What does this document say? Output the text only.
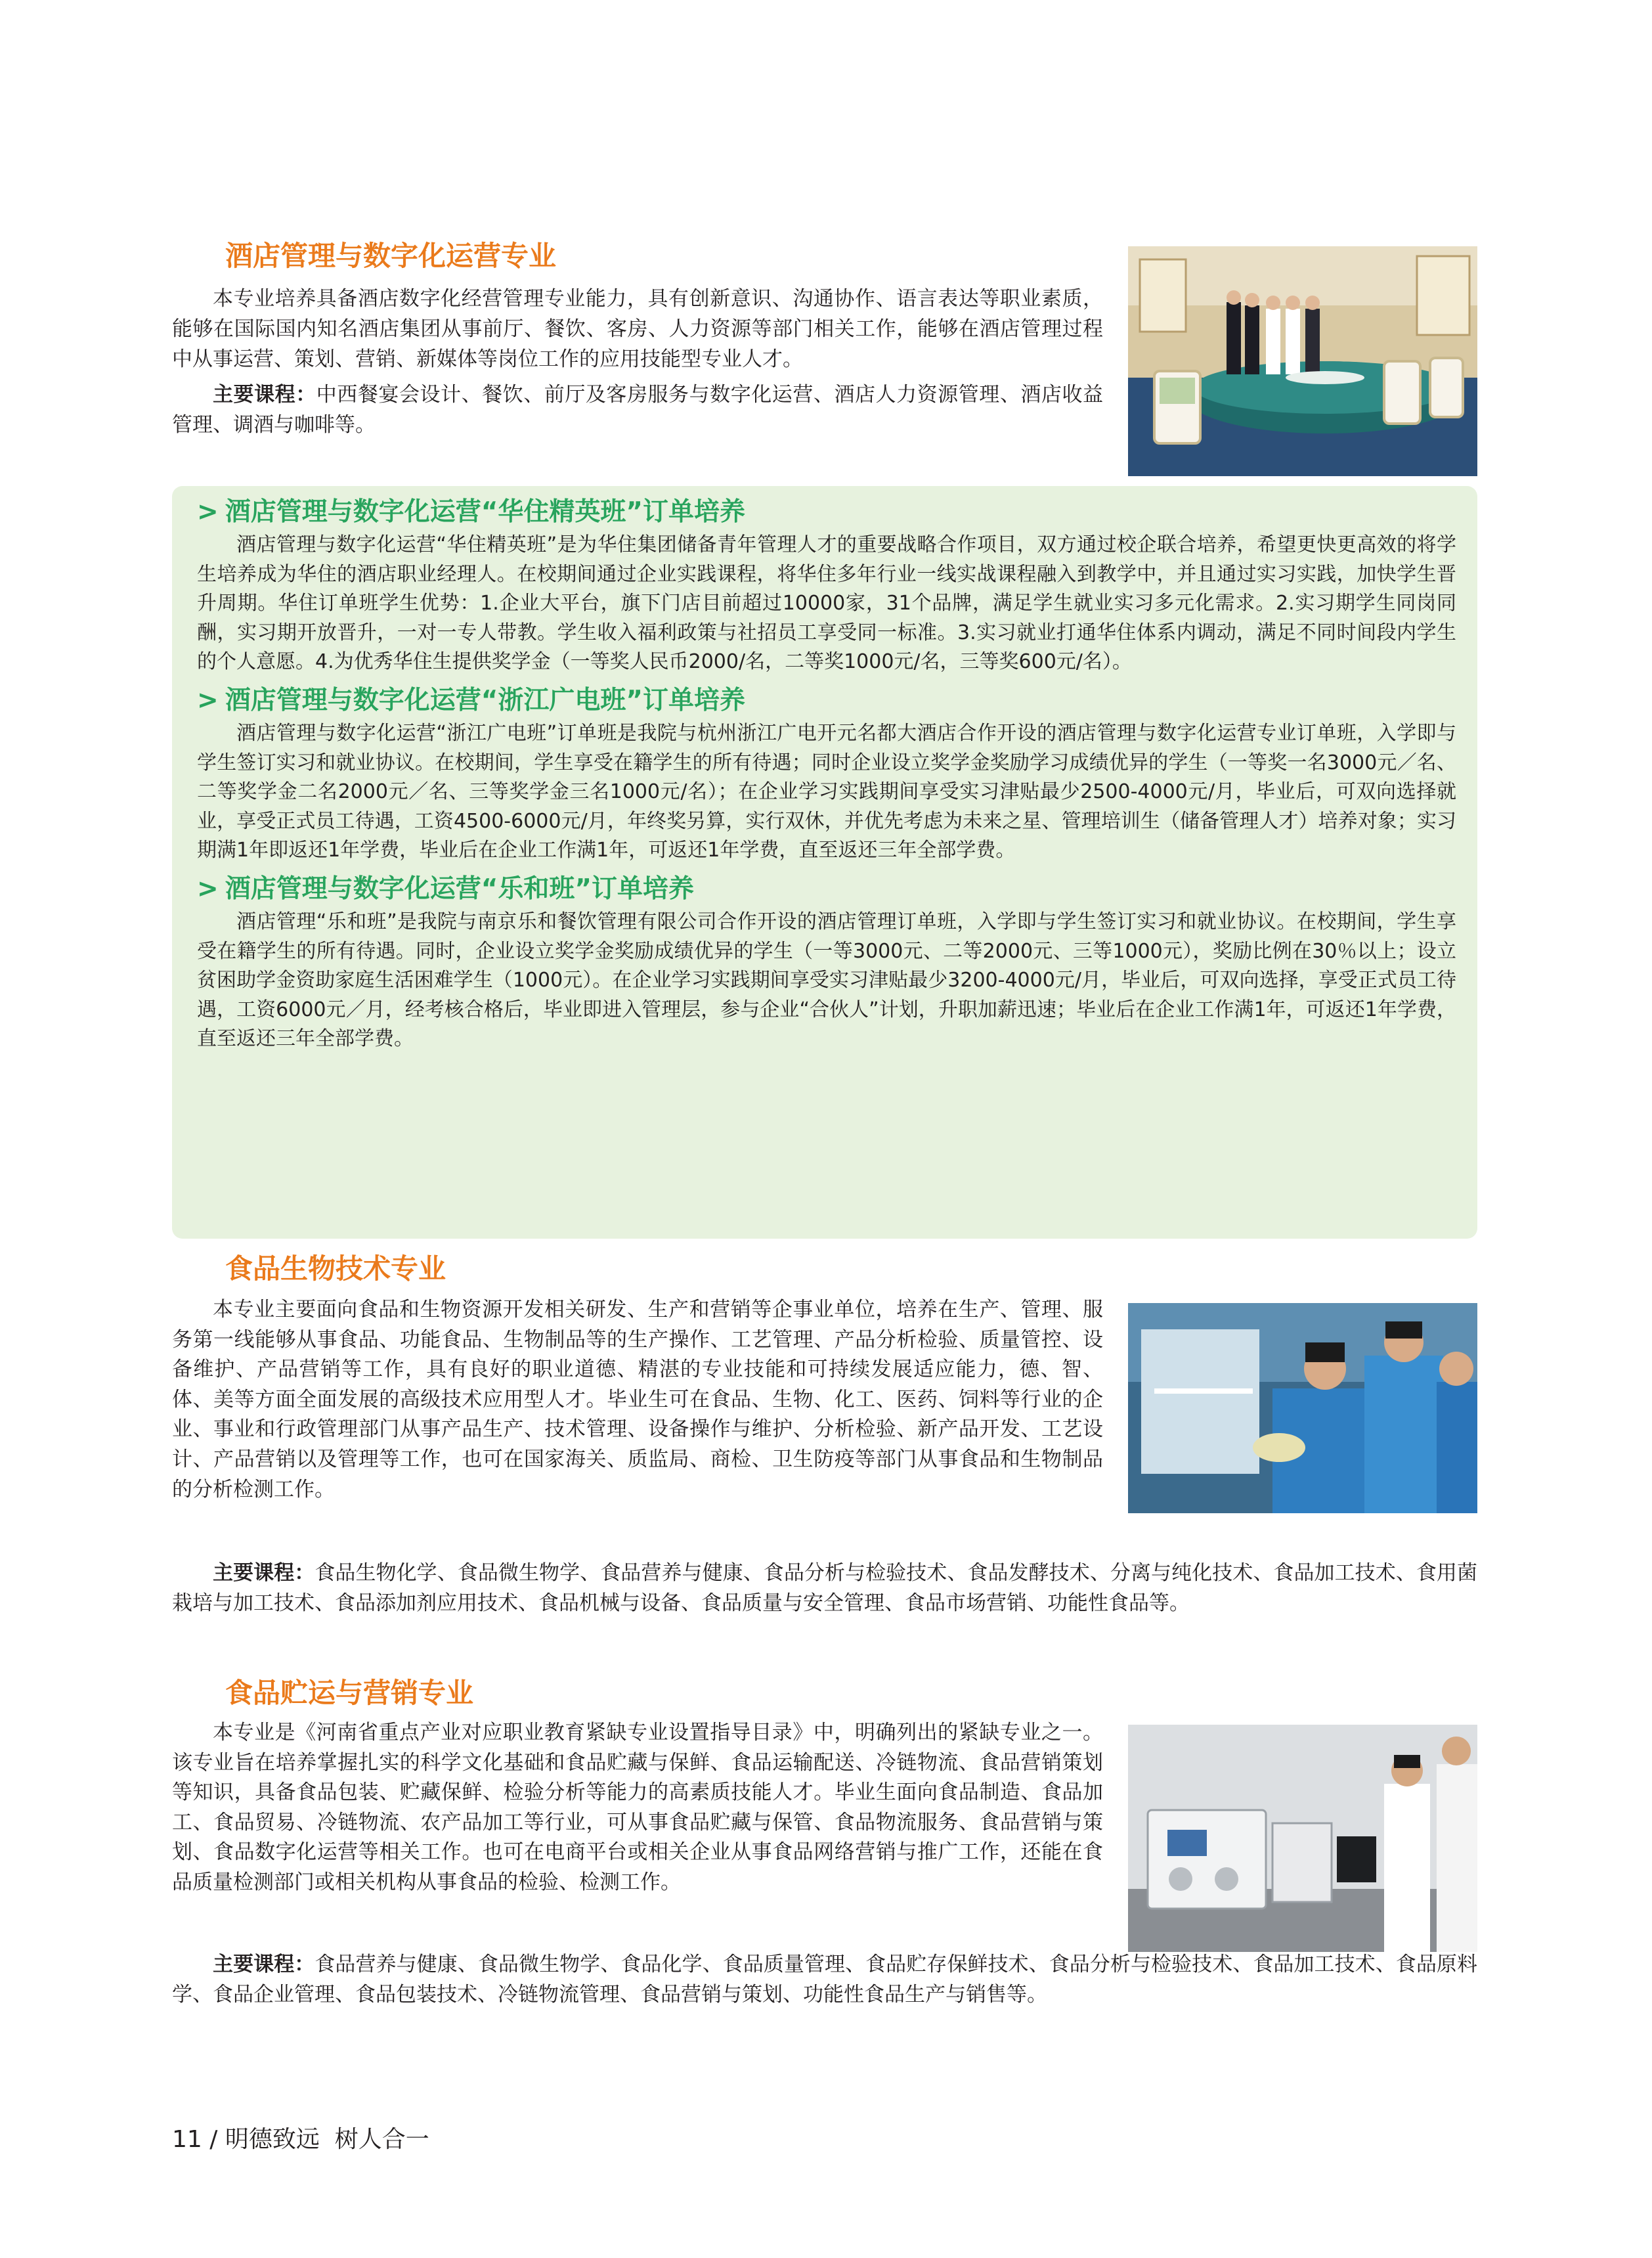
酒店管理与数字化运营专业

本专业培养具备酒店数字化经营管理专业能力，具有创新意识、沟通协作、语言表达等职业素质，能够在国际国内知名酒店集团从事前厅、餐饮、客房、人力资源等部门相关工作，能够在酒店管理过程中从事运营、策划、营销、新媒体等岗位工作的应用技能型专业人才。

主要课程：中西餐宴会设计、餐饮、前厅及客房服务与数字化运营、酒店人力资源管理、酒店收益管理、调酒与咖啡等。

> 酒店管理与数字化运营“华住精英班”订单培养

酒店管理与数字化运营“华住精英班”是为华住集团储备青年管理人才的重要战略合作项目，双方通过校企联合培养，希望更快更高效的将学生培养成为华住的酒店职业经理人。在校期间通过企业实践课程，将华住多年行业一线实战课程融入到教学中，并且通过实习实践，加快学生晋升周期。华住订单班学生优势：1.企业大平台，旗下门店目前超过10000家，31个品牌，满足学生就业实习多元化需求。2.实习期学生同岗同酬，实习期开放晋升，一对一专人带教。学生收入福利政策与社招员工享受同一标准。3.实习就业打通华住体系内调动，满足不同时间段内学生的个人意愿。4.为优秀华住生提供奖学金（一等奖人民币2000/名，二等奖1000元/名，三等奖600元/名）。

> 酒店管理与数字化运营“浙江广电班”订单培养

酒店管理与数字化运营“浙江广电班”订单班是我院与杭州浙江广电开元名都大酒店合作开设的酒店管理与数字化运营专业订单班，入学即与学生签订实习和就业协议。在校期间，学生享受在籍学生的所有待遇；同时企业设立奖学金奖励学习成绩优异的学生（一等奖一名3000元／名、二等奖学金二名2000元／名、三等奖学金三名1000元/名）；在企业学习实践期间享受实习津贴最少2500-4000元/月，毕业后，可双向选择就业，享受正式员工待遇，工资4500-6000元/月，年终奖另算，实行双休，并优先考虑为未来之星、管理培训生（储备管理人才）培养对象；实习期满1年即返还1年学费，毕业后在企业工作满1年，可返还1年学费，直至返还三年全部学费。

> 酒店管理与数字化运营“乐和班”订单培养

酒店管理“乐和班”是我院与南京乐和餐饮管理有限公司合作开设的酒店管理订单班，入学即与学生签订实习和就业协议。在校期间，学生享受在籍学生的所有待遇。同时，企业设立奖学金奖励成绩优异的学生（一等3000元、二等2000元、三等1000元），奖励比例在30％以上；设立贫困助学金资助家庭生活困难学生（1000元）。在企业学习实践期间享受实习津贴最少3200-4000元/月，毕业后，可双向选择，享受正式员工待遇，工资6000元／月，经考核合格后，毕业即进入管理层，参与企业“合伙人”计划，升职加薪迅速；毕业后在企业工作满1年，可返还1年学费，直至返还三年全部学费。

食品生物技术专业

本专业主要面向食品和生物资源开发相关研发、生产和营销等企事业单位，培养在生产、管理、服务第一线能够从事食品、功能食品、生物制品等的生产操作、工艺管理、产品分析检验、质量管控、设备维护、产品营销等工作，具有良好的职业道德、精湛的专业技能和可持续发展适应能力，德、智、体、美等方面全面发展的高级技术应用型人才。毕业生可在食品、生物、化工、医药、饲料等行业的企业、事业和行政管理部门从事产品生产、技术管理、设备操作与维护、分析检验、新产品开发、工艺设计、产品营销以及管理等工作，也可在国家海关、质监局、商检、卫生防疫等部门从事食品和生物制品的分析检测工作。

主要课程：食品生物化学、食品微生物学、食品营养与健康、食品分析与检验技术、食品发酵技术、分离与纯化技术、食品加工技术、食用菌栽培与加工技术、食品添加剂应用技术、食品机械与设备、食品质量与安全管理、食品市场营销、功能性食品等。

食品贮运与营销专业

本专业是《河南省重点产业对应职业教育紧缺专业设置指导目录》中，明确列出的紧缺专业之一。该专业旨在培养掌握扎实的科学文化基础和食品贮藏与保鲜、食品运输配送、冷链物流、食品营销策划等知识，具备食品包装、贮藏保鲜、检验分析等能力的高素质技能人才。毕业生面向食品制造、食品加工、食品贸易、冷链物流、农产品加工等行业，可从事食品贮藏与保管、食品物流服务、食品营销与策划、食品数字化运营等相关工作。也可在电商平台或相关企业从事食品网络营销与推广工作，还能在食品质量检测部门或相关机构从事食品的检验、检测工作。

主要课程：食品营养与健康、食品微生物学、食品化学、食品质量管理、食品贮存保鲜技术、食品分析与检验技术、食品加工技术、食品原料学、食品企业管理、食品包装技术、冷链物流管理、食品营销与策划、功能性食品生产与销售等。

11 / 明德致远  树人合一
